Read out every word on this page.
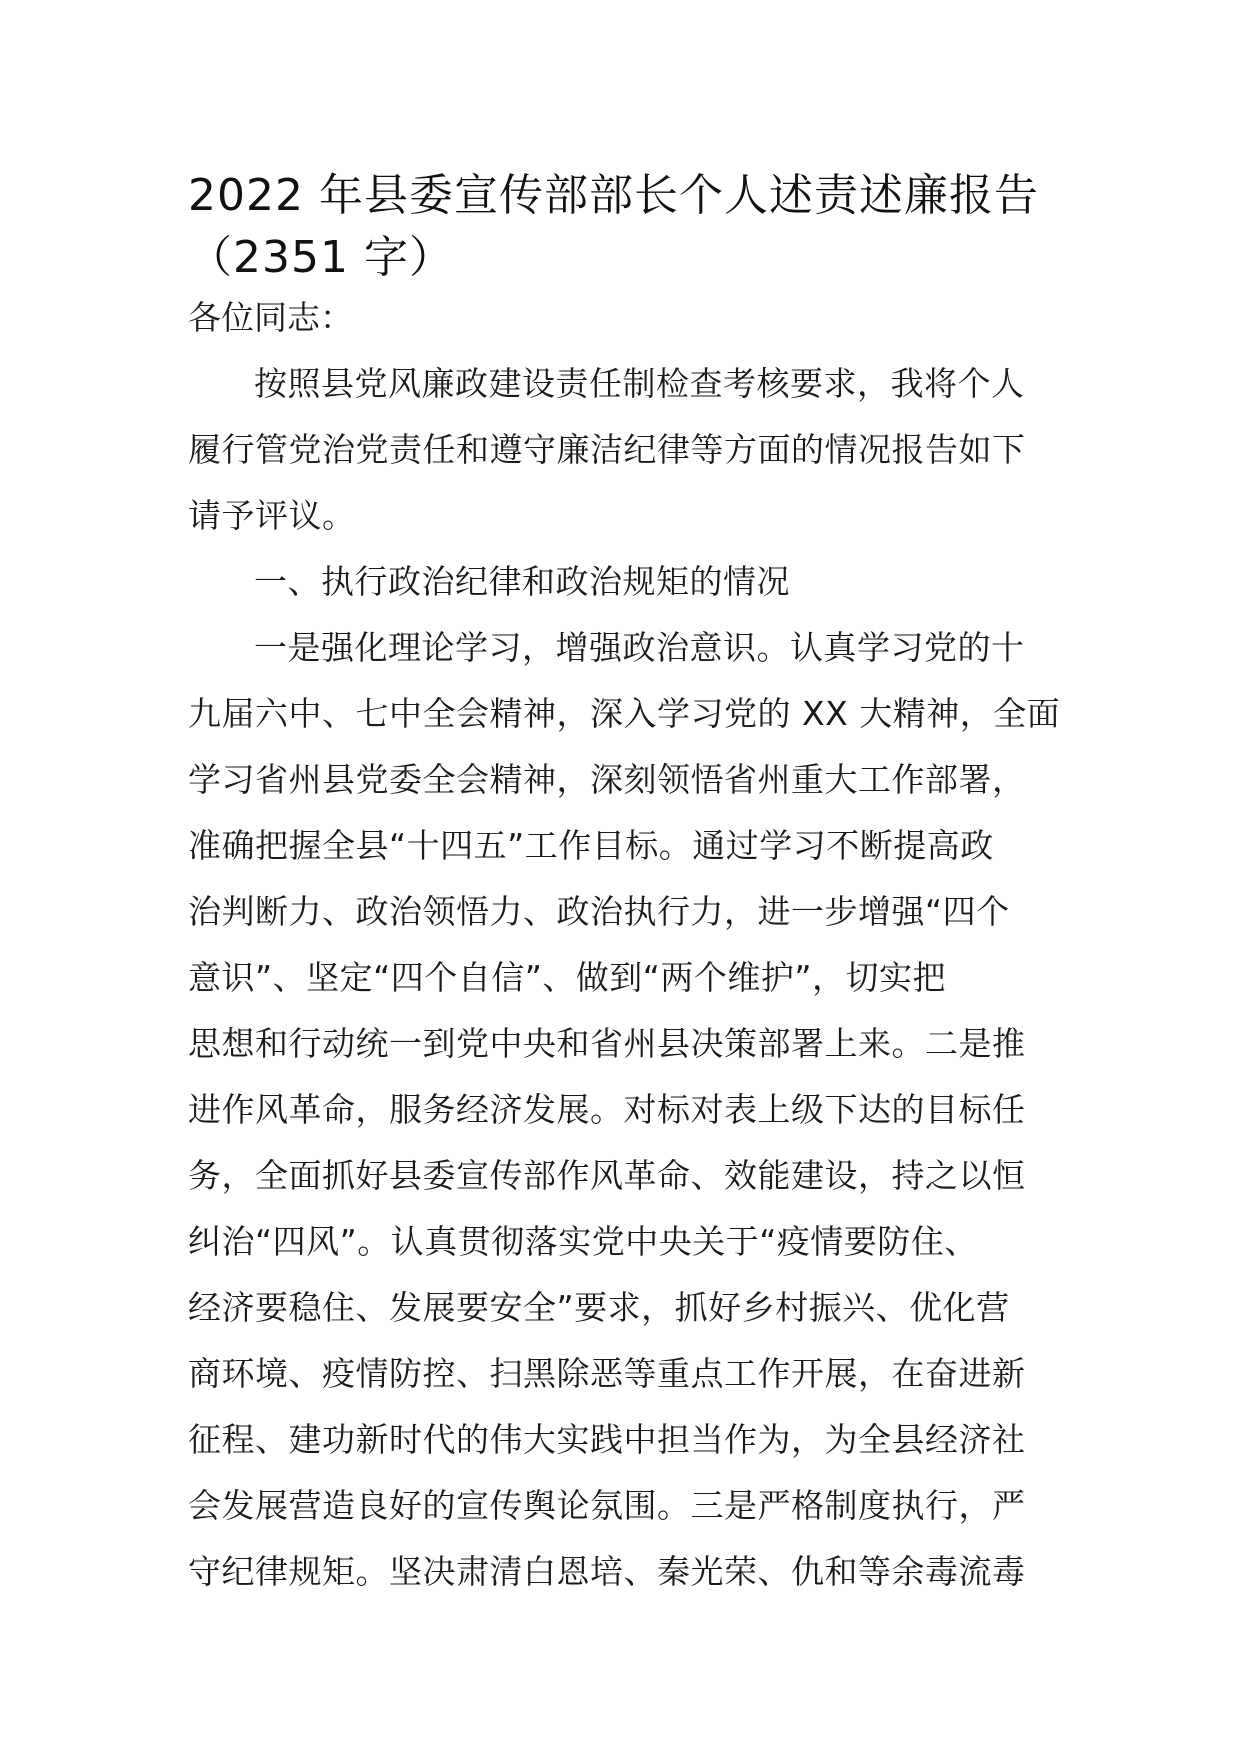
2022 年县委宣传部部长个人述责述廉报告
（2351 字）

各位同志：

按照县党风廉政建设责任制检查考核要求，我将个人
履行管党治党责任和遵守廉洁纪律等方面的情况报告如下
请予评议。
一、执行政治纪律和政治规矩的情况
一是强化理论学习，增强政治意识。认真学习党的十
九届六中、七中全会精神，深入学习党的 XX 大精神，全面
学习省州县党委全会精神，深刻领悟省州重大工作部署，
准确把握全县“十四五”工作目标。通过学习不断提高政
治判断力、政治领悟力、政治执行力，进一步增强“四个
意识”、坚定“四个自信”、做到“两个维护”，切实把
思想和行动统一到党中央和省州县决策部署上来。二是推
进作风革命，服务经济发展。对标对表上级下达的目标任
务，全面抓好县委宣传部作风革命、效能建设，持之以恒
纠治“四风”。认真贯彻落实党中央关于“疫情要防住、
经济要稳住、发展要安全”要求，抓好乡村振兴、优化营
商环境、疫情防控、扫黑除恶等重点工作开展，在奋进新
征程、建功新时代的伟大实践中担当作为，为全县经济社
会发展营造良好的宣传舆论氛围。三是严格制度执行，严
守纪律规矩。坚决肃清白恩培、秦光荣、仇和等余毒流毒
